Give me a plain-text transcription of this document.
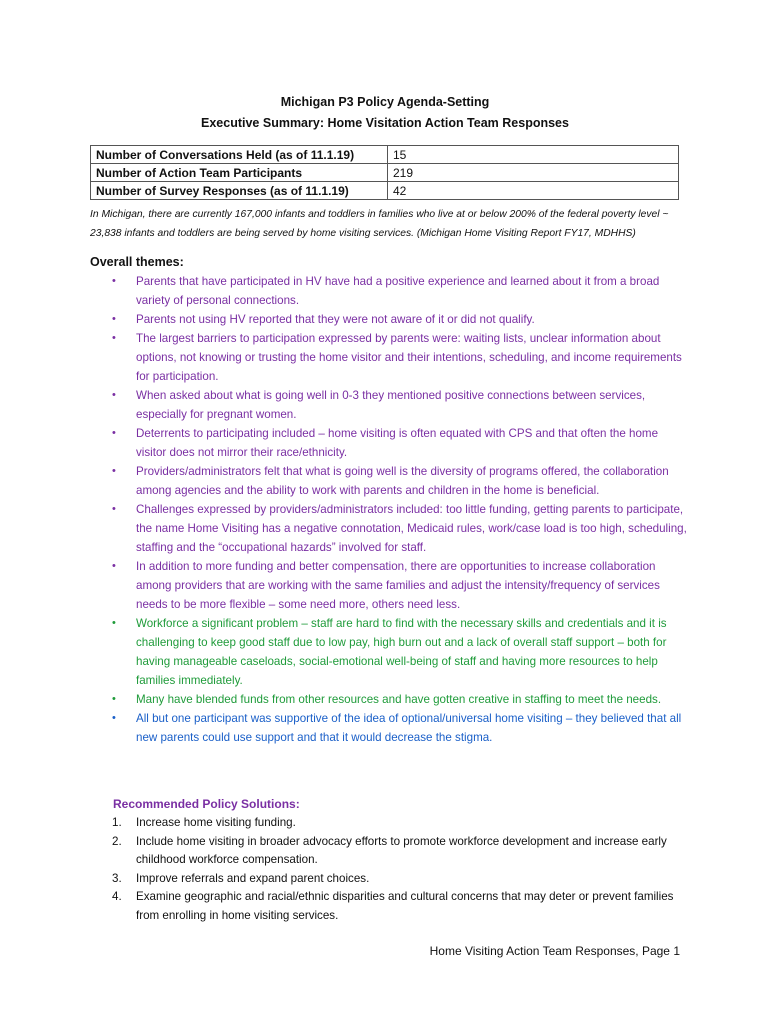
Michigan P3 Policy Agenda-Setting
Executive Summary: Home Visitation Action Team Responses
Number of Conversations Held (as of 11.1.19)	15
Number of Action Team Participants	219
Number of Survey Responses (as of 11.1.19)	42
In Michigan, there are currently 167,000 infants and toddlers in families who live at or below 200% of the federal poverty level ~ 23,838 infants and toddlers are being served by home visiting services. (Michigan Home Visiting Report FY17, MDHHS)
Overall themes:
• Parents that have participated in HV have had a positive experience and learned about it from a broad variety of personal connections.
• Parents not using HV reported that they were not aware of it or did not qualify.
• The largest barriers to participation expressed by parents were: waiting lists, unclear information about options, not knowing or trusting the home visitor and their intentions, scheduling, and income requirements for participation.
• When asked about what is going well in 0-3 they mentioned positive connections between services, especially for pregnant women.
• Deterrents to participating included – home visiting is often equated with CPS and that often the home visitor does not mirror their race/ethnicity.
• Providers/administrators felt that what is going well is the diversity of programs offered, the collaboration among agencies and the ability to work with parents and children in the home is beneficial.
• Challenges expressed by providers/administrators included: too little funding, getting parents to participate, the name Home Visiting has a negative connotation, Medicaid rules, work/case load is too high, scheduling, staffing and the “occupational hazards” involved for staff.
• In addition to more funding and better compensation, there are opportunities to increase collaboration among providers that are working with the same families and adjust the intensity/frequency of services needs to be more flexible – some need more, others need less.
• Workforce a significant problem – staff are hard to find with the necessary skills and credentials and it is challenging to keep good staff due to low pay, high burn out and a lack of overall staff support – both for having manageable caseloads, social-emotional well-being of staff and having more resources to help families immediately.
• Many have blended funds from other resources and have gotten creative in staffing to meet the needs.
• All but one participant was supportive of the idea of optional/universal home visiting – they believed that all new parents could use support and that it would decrease the stigma.
Recommended Policy Solutions:
1. Increase home visiting funding.
2. Include home visiting in broader advocacy efforts to promote workforce development and increase early childhood workforce compensation.
3. Improve referrals and expand parent choices.
4. Examine geographic and racial/ethnic disparities and cultural concerns that may deter or prevent families from enrolling in home visiting services.
Home Visiting Action Team Responses, Page 1
